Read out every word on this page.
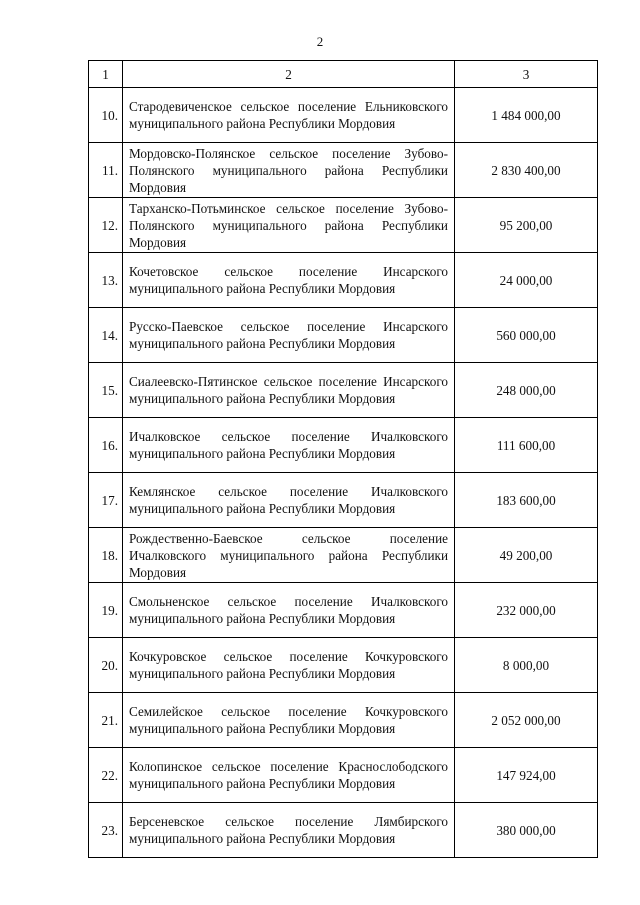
2
1	2	3
10.	Стародевиченское сельское поселение Ельниковского муниципального района Республики Мордовия	1 484 000,00
11.	Мордовско-Полянское сельское поселение Зубово-Полянского муниципального района Республики Мордовия	2 830 400,00
12.	Тарханско-Потьминское сельское поселение Зубово-Полянского муниципального района Республики Мордовия	95 200,00
13.	Кочетовское сельское поселение Инсарского муниципального района Республики Мордовия	24 000,00
14.	Русско-Паевское сельское поселение Инсарского муниципального района Республики Мордовия	560 000,00
15.	Сиалеевско-Пятинское сельское поселение Инсарского муниципального района Республики Мордовия	248 000,00
16.	Ичалковское сельское поселение Ичалковского муниципального района Республики Мордовия	111 600,00
17.	Кемлянское сельское поселение Ичалковского муниципального района Республики Мордовия	183 600,00
18.	Рождественно-Баевское сельское поселение Ичалковского муниципального района Республики Мордовия	49 200,00
19.	Смольненское сельское поселение Ичалковского муниципального района Республики Мордовия	232 000,00
20.	Кочкуровское сельское поселение Кочкуровского муниципального района Республики Мордовия	8 000,00
21.	Семилейское сельское поселение Кочкуровского муниципального района Республики Мордовия	2 052 000,00
22.	Колопинское сельское поселение Краснослободского муниципального района Республики Мордовия	147 924,00
23.	Берсеневское сельское поселение Лямбирского муниципального района Республики Мордовия	380 000,00
